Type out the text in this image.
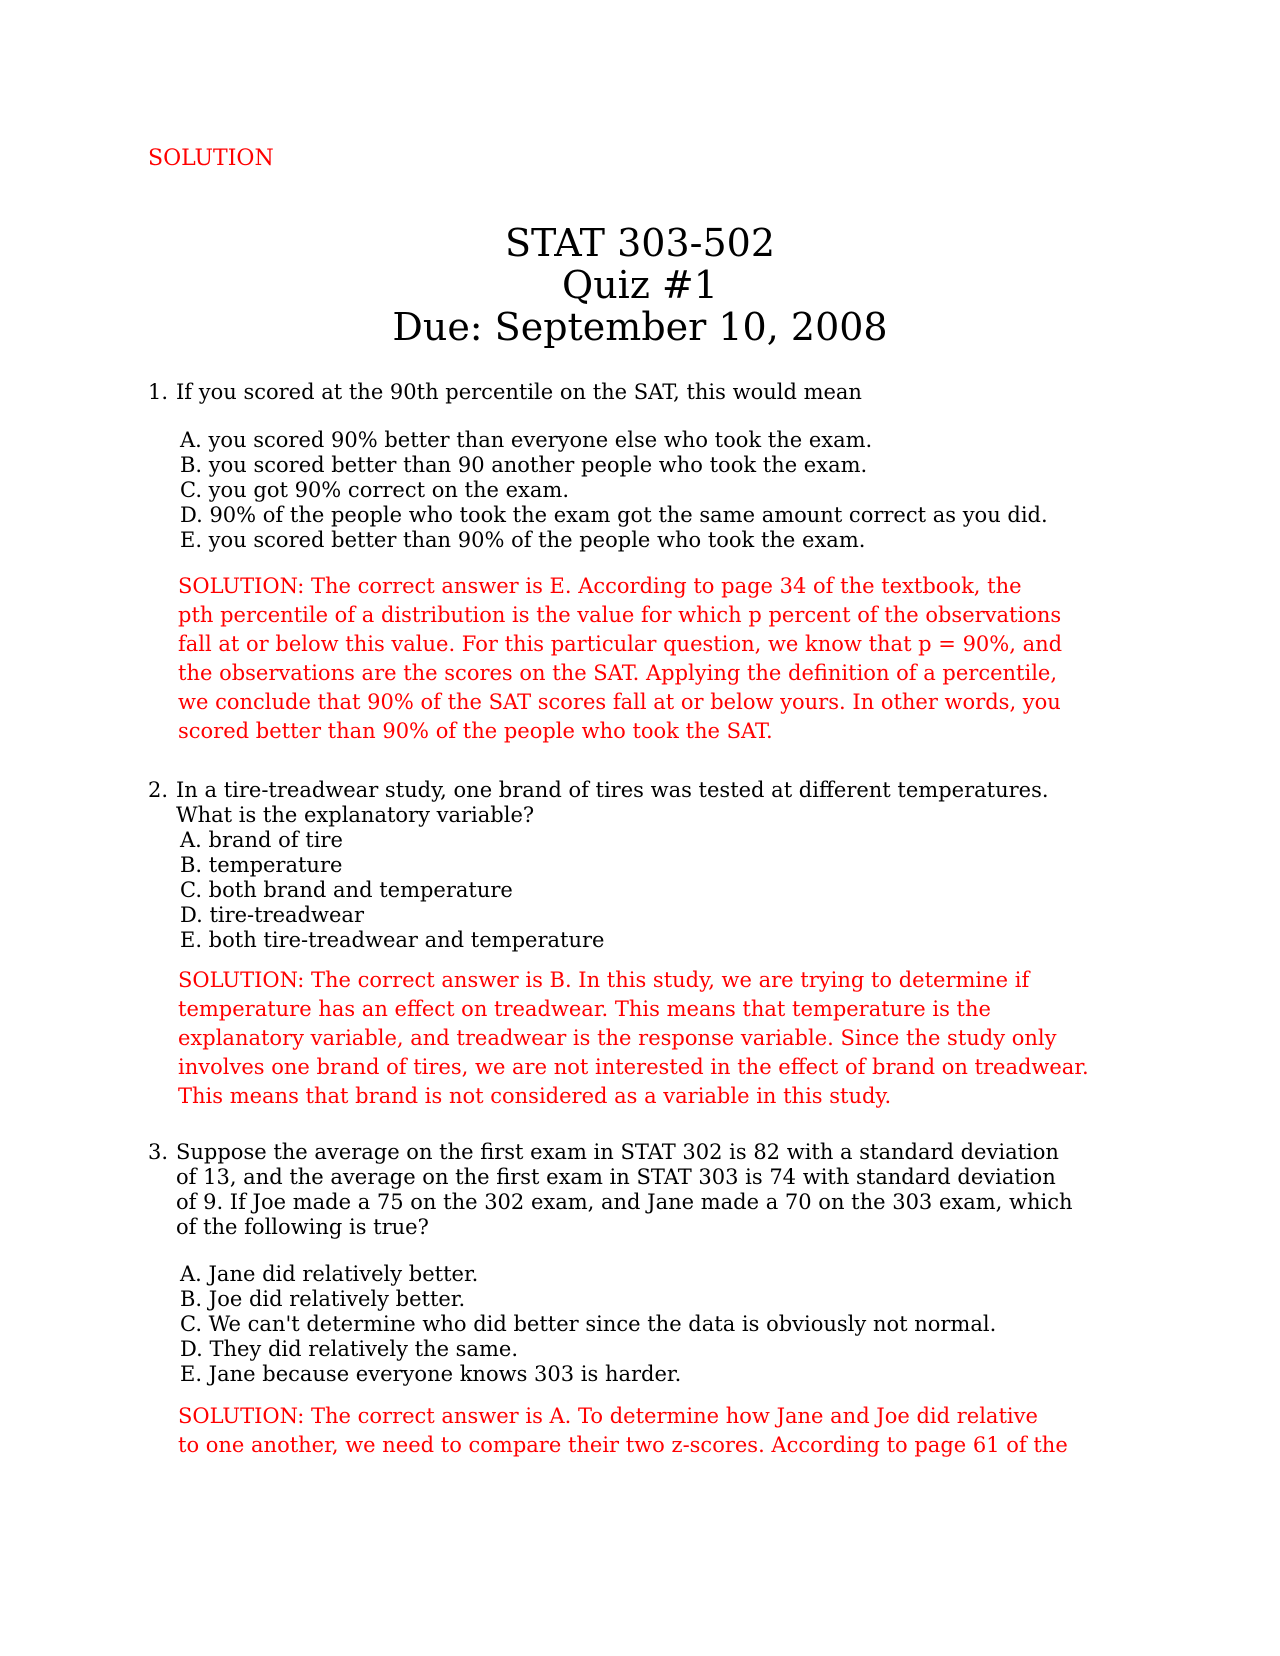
SOLUTION
STAT 303-502
Quiz #1
Due: September 10, 2008
1. If you scored at the 90th percentile on the SAT, this would mean
A. you scored 90% better than everyone else who took the exam.
B. you scored better than 90 another people who took the exam.
C. you got 90% correct on the exam.
D. 90% of the people who took the exam got the same amount correct as you did.
E. you scored better than 90% of the people who took the exam.
SOLUTION: The correct answer is E. According to page 34 of the textbook, the
pth percentile of a distribution is the value for which p percent of the observations
fall at or below this value. For this particular question, we know that p = 90%, and
the observations are the scores on the SAT. Applying the definition of a percentile,
we conclude that 90% of the SAT scores fall at or below yours. In other words, you
scored better than 90% of the people who took the SAT.
2. In a tire-treadwear study, one brand of tires was tested at different temperatures.
What is the explanatory variable?
A. brand of tire
B. temperature
C. both brand and temperature
D. tire-treadwear
E. both tire-treadwear and temperature
SOLUTION: The correct answer is B. In this study, we are trying to determine if
temperature has an effect on treadwear. This means that temperature is the
explanatory variable, and treadwear is the response variable. Since the study only
involves one brand of tires, we are not interested in the effect of brand on treadwear.
This means that brand is not considered as a variable in this study.
3. Suppose the average on the first exam in STAT 302 is 82 with a standard deviation
of 13, and the average on the first exam in STAT 303 is 74 with standard deviation
of 9. If Joe made a 75 on the 302 exam, and Jane made a 70 on the 303 exam, which
of the following is true?
A. Jane did relatively better.
B. Joe did relatively better.
C. We can't determine who did better since the data is obviously not normal.
D. They did relatively the same.
E. Jane because everyone knows 303 is harder.
SOLUTION: The correct answer is A. To determine how Jane and Joe did relative
to one another, we need to compare their two z-scores. According to page 61 of the
